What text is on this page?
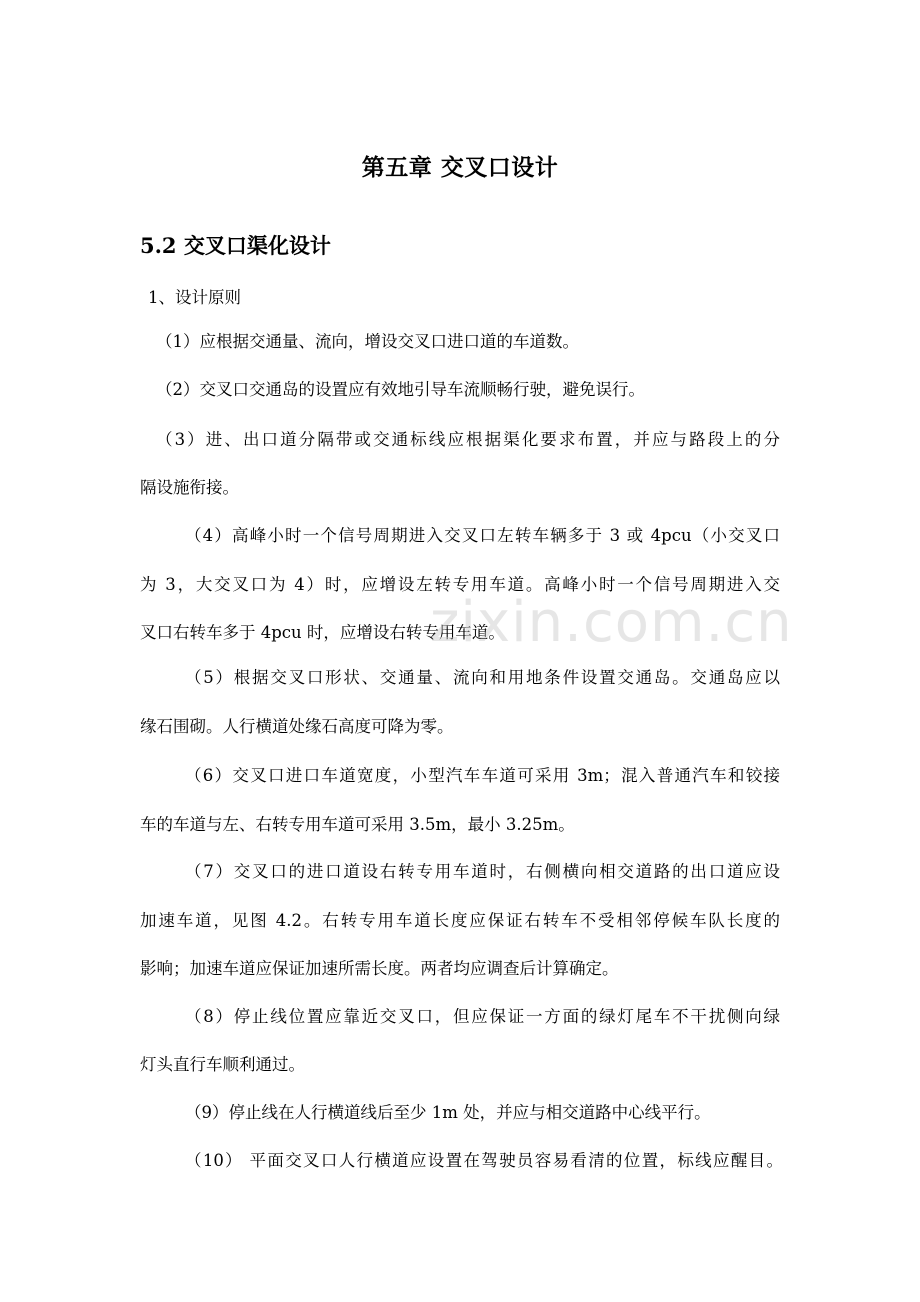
第五章 交叉口设计
5.2 交叉口渠化设计

1、设计原则

（1）应根据交通量、流向，增设交叉口进口道的车道数。

（2）交叉口交通岛的设置应有效地引导车流顺畅行驶，避免误行。

（3）进、出口道分隔带或交通标线应根据渠化要求布置，并应与路段上的分

隔设施衔接。

（4）高峰小时一个信号周期进入交叉口左转车辆多于 3 或 4pcu（小交叉口

为 3，大交叉口为 4）时，应增设左转专用车道。高峰小时一个信号周期进入交

叉口右转车多于 4pcu 时，应增设右转专用车道。

（5）根据交叉口形状、交通量、流向和用地条件设置交通岛。交通岛应以

缘石围砌。人行横道处缘石高度可降为零。

（6）交叉口进口车道宽度，小型汽车车道可采用 3m；混入普通汽车和铰接

车的车道与左、右转专用车道可采用 3.5m，最小 3.25m。

（7）交叉口的进口道设右转专用车道时，右侧横向相交道路的出口道应设

加速车道，见图 4.2。右转专用车道长度应保证右转车不受相邻停候车队长度的

影响；加速车道应保证加速所需长度。两者均应调查后计算确定。

（8）停止线位置应靠近交叉口，但应保证一方面的绿灯尾车不干扰侧向绿

灯头直行车顺利通过。

（9）停止线在人行横道线后至少 1m 处，并应与相交道路中心线平行。

（10） 平面交叉口人行横道应设置在驾驶员容易看清的位置，标线应醒目。

zixin.com.cn
